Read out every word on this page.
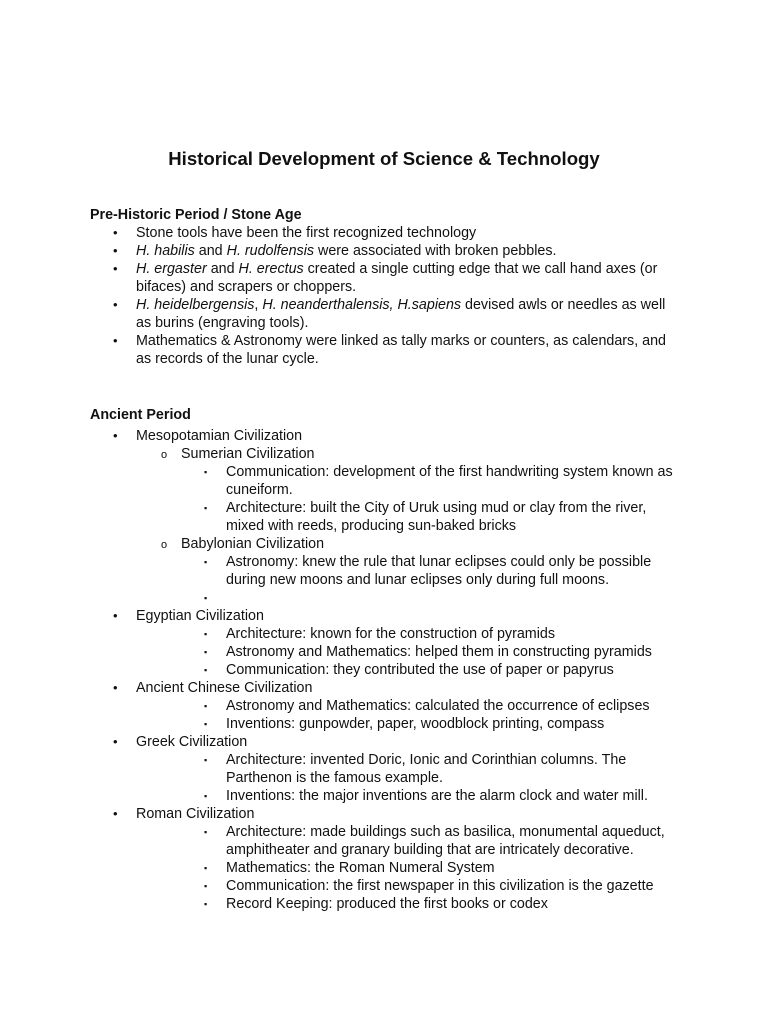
Historical Development of Science & Technology
Pre-Historic Period / Stone Age
• Stone tools have been the first recognized technology
• H. habilis and H. rudolfensis were associated with broken pebbles.
• H. ergaster and H. erectus created a single cutting edge that we call hand axes (or bifaces) and scrapers or choppers.
• H. heidelbergensis, H. neanderthalensis, H.sapiens devised awls or needles as well as burins (engraving tools).
• Mathematics & Astronomy were linked as tally marks or counters, as calendars, and as records of the lunar cycle.
Ancient Period
• Mesopotamian Civilization
o Sumerian Civilization
▪ Communication: development of the first handwriting system known as cuneiform.
▪ Architecture: built the City of Uruk using mud or clay from the river, mixed with reeds, producing sun-baked bricks
o Babylonian Civilization
▪ Astronomy: knew the rule that lunar eclipses could only be possible during new moons and lunar eclipses only during full moons.
▪
• Egyptian Civilization
▪ Architecture: known for the construction of pyramids
▪ Astronomy and Mathematics: helped them in constructing pyramids
▪ Communication: they contributed the use of paper or papyrus
• Ancient Chinese Civilization
▪ Astronomy and Mathematics: calculated the occurrence of eclipses
▪ Inventions: gunpowder, paper, woodblock printing, compass
• Greek Civilization
▪ Architecture: invented Doric, Ionic and Corinthian columns. The Parthenon is the famous example.
▪ Inventions: the major inventions are the alarm clock and water mill.
• Roman Civilization
▪ Architecture: made buildings such as basilica, monumental aqueduct, amphitheater and granary building that are intricately decorative.
▪ Mathematics: the Roman Numeral System
▪ Communication: the first newspaper in this civilization is the gazette
▪ Record Keeping: produced the first books or codex
